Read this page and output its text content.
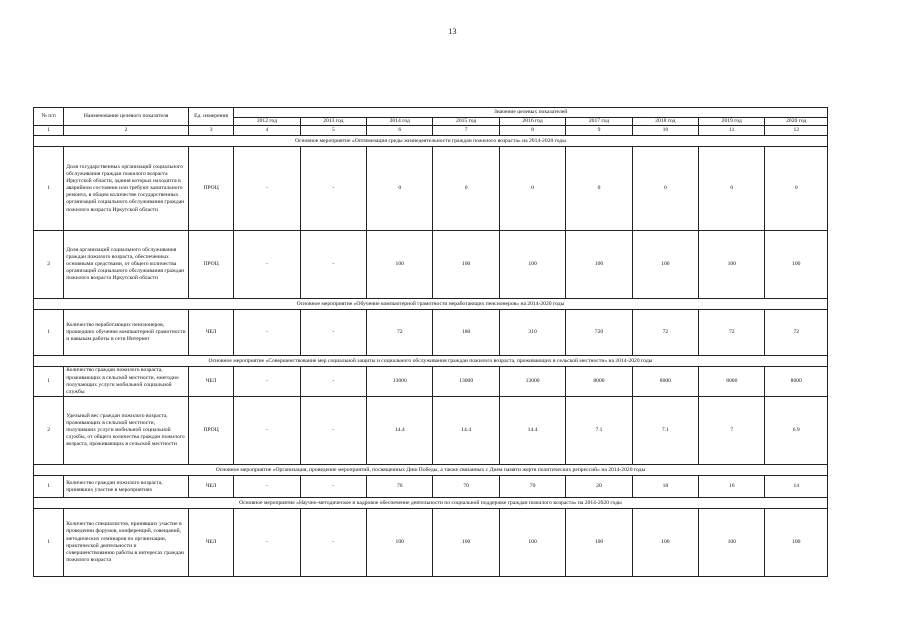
13
№ п/п	Наименование целевого показателя	Ед. измерения	Значение целевых показателей								
			2012 год	2013 год	2014 год	2015 год	2016 год	2017 год	2018 год	2019 год	2020 год
1	2	3	4	5	6	7	8	9	10	11	12
Основное мероприятие «Оптимизация среды жизнедеятельности граждан пожилого возраста» на 2014-2020 годы											
1	Доля государственных организаций социального обслуживания граждан пожилого возраста Иркутской области, здания которых находятся в аварийном состоянии или требуют капитального ремонта, в общем количестве государственных организаций социального обслуживания граждан пожилого возраста Иркутской области	ПРОЦ	-	-	0	0	0	0	0	0	0
2	Доля организаций социального обслуживания граждан пожилого возраста, обеспеченных основными средствами, от общего количества организаций социального обслуживания граждан пожилого возраста Иркутской области	ПРОЦ	-	-	100	100	100	100	100	100	100
Основное мероприятие «Обучение компьютерной грамотности неработающих пенсионеров» на 2014-2020 годы											
1	Количество неработающих пенсионеров, прошедших обучение компьютерной грамотности и навыкам работы в сети Интернет	ЧЕЛ	-	-	72	180	310	720	72	72	72
Основное мероприятие «Совершенствование мер социальной защиты и социального обслуживания граждан пожилого возраста, проживающих в сельской местности» на 2014-2020 годы											
1	Количество граждан пожилого возраста, проживающих в сельской местности, ежегодно получающих услуги мобильной социальной службы	ЧЕЛ	-	-	13000	13000	13000	8000	8000	8000	8000
2	Удельный вес граждан пожилого возраста, проживающих в сельской местности, получивших услуги мобильной социальной службы, от общего количества граждан пожилого возраста, проживающих в сельской местности	ПРОЦ	-	-	14.4	14.4	14.4	7.1	7.1	7	6.9
Основное мероприятие «Организация, проведение мероприятий, посвященных Дню Победы, а также связанных с Днем памяти жертв политических репрессий» на 2014-2020 годы											
1	Количество граждан пожилого возраста, принявших участие в мероприятиях	ЧЕЛ	-	-	70	70	70	20	18	16	14
Основное мероприятие «Научно-методическое и кадровое обеспечение деятельности по социальной поддержке граждан пожилого возраста» на 2014-2020 годы											
1	Количество специалистов, принявших участие в проведении форумов, конференций, совещаний, методических семинаров по организации, практической деятельности и совершенствованию работы в интересах граждан пожилого возраста	ЧЕЛ	-	-	100	100	100	100	100	100	100
